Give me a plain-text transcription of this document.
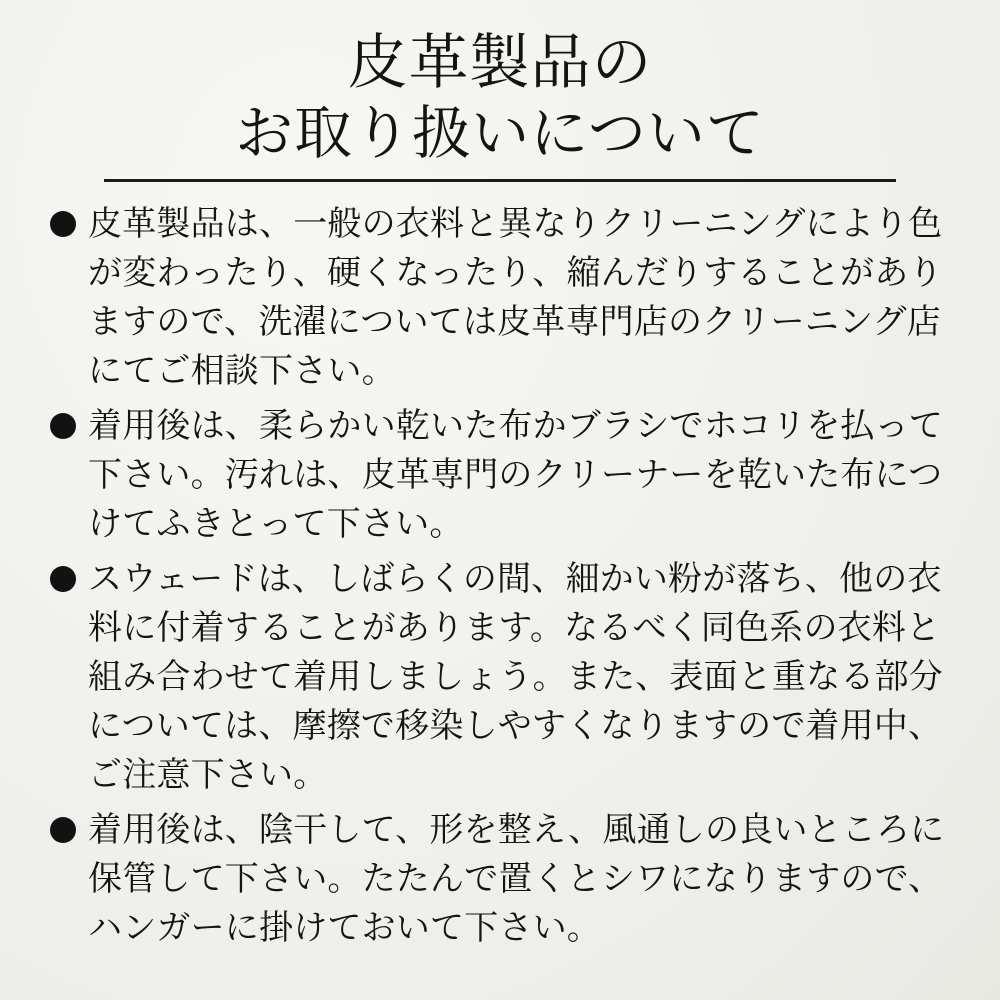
皮革製品の
お取り扱いについて
皮革製品は、一般の衣料と異なりクリーニングにより色が変わったり、硬くなったり、縮んだりすることがありますので、洗濯については皮革専門店のクリーニング店にてご相談下さい。
着用後は、柔らかい乾いた布かブラシでホコリを払って下さい。汚れは、皮革専門のクリーナーを乾いた布につけてふきとって下さい。
スウェードは、しばらくの間、細かい粉が落ち、他の衣料に付着することがあります。なるべく同色系の衣料と組み合わせて着用しましょう。また、表面と重なる部分については、摩擦で移染しやすくなりますので着用中、ご注意下さい。
着用後は、陰干して、形を整え、風通しの良いところに保管して下さい。たたんで置くとシワになりますので、ハンガーに掛けておいて下さい。
